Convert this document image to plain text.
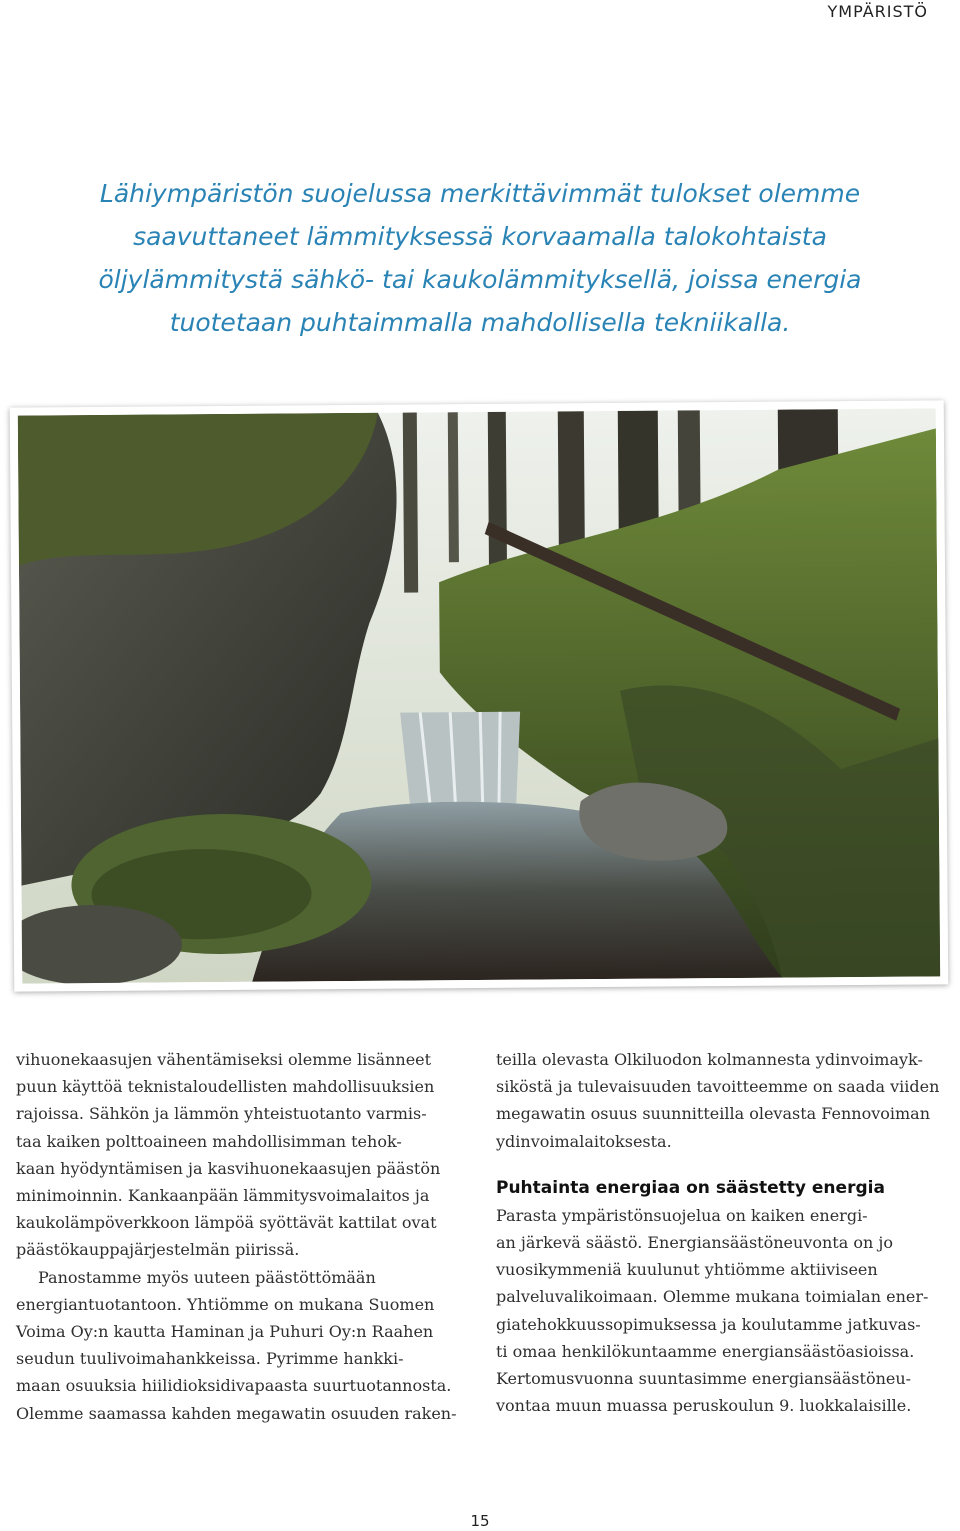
YMPÄRISTÖ
Lähiympäristön suojelussa merkittävimmät tulokset olemme
saavuttaneet lämmityksessä korvaamalla talokohtaista
öljylämmitystä sähkö- tai kaukolämmityksellä, joissa energia
tuotetaan puhtaimmalla mahdollisella tekniikalla.
vihuonekaasujen vähentämiseksi olemme lisänneet
puun käyttöä teknistaloudellisten mahdollisuuksien
rajoissa. Sähkön ja lämmön yhteistuotanto varmis-
taa kaiken polttoaineen mahdollisimman tehok-
kaan hyödyntämisen ja kasvihuonekaasujen päästön
minimoinnin. Kankaanpään lämmitysvoimalaitos ja
kaukolämpöverkkoon lämpöä syöttävät kattilat ovat
päästökauppajärjestelmän piirissä.
Panostamme myös uuteen päästöttömään
energiantuotantoon. Yhtiömme on mukana Suomen
Voima Oy:n kautta Haminan ja Puhuri Oy:n Raahen
seudun tuulivoimahankkeissa. Pyrimme hankki-
maan osuuksia hiilidioksidivapaasta suurtuotannosta.
Olemme saamassa kahden megawatin osuuden raken-
teilla olevasta Olkiluodon kolmannesta ydinvoimayk-
siköstä ja tulevaisuuden tavoitteemme on saada viiden
megawatin osuus suunnitteilla olevasta Fennovoiman
ydinvoimalaitoksesta.
Puhtainta energiaa on säästetty energia
Parasta ympäristönsuojelua on kaiken energi-
an järkevä säästö. Energiansäästöneuvonta on jo
vuosikymmeniä kuulunut yhtiömme aktiiviseen
palveluvalikoimaan. Olemme mukana toimialan ener-
giatehokkuussopimuksessa ja koulutamme jatkuvas-
ti omaa henkilökuntaamme energiansäästöasioissa.
Kertomusvuonna suuntasimme energiansäästöneu-
vontaa muun muassa peruskoulun 9. luokkalaisille.
15
